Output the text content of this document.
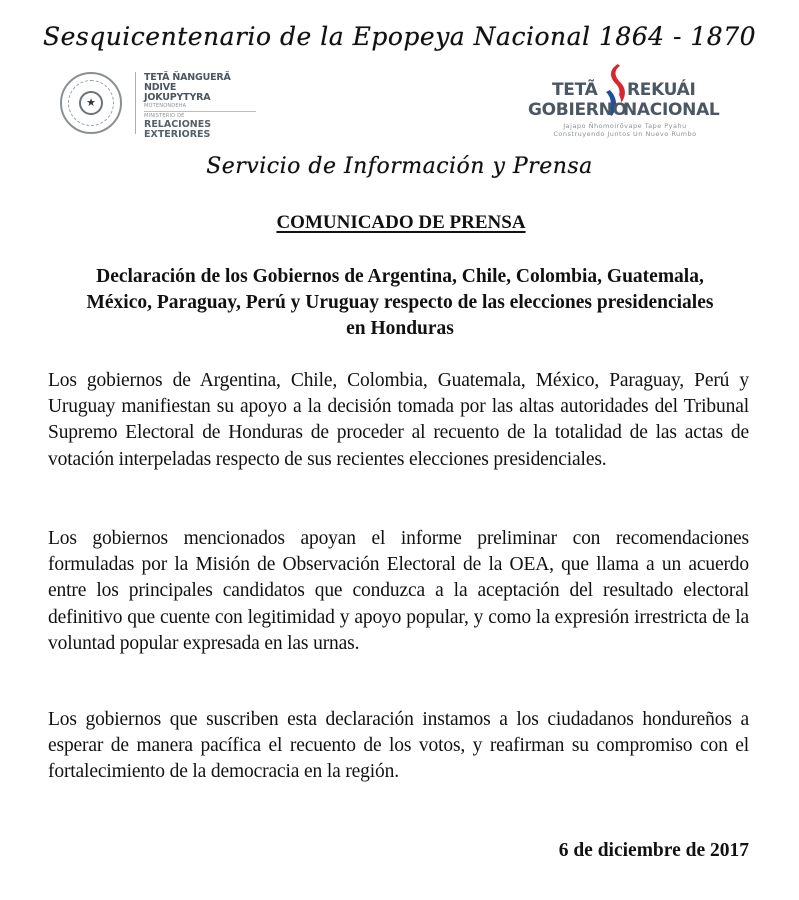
Sesquicentenario de la Epopeya Nacional 1864 - 1870
★
TETÃ ÑANGUERÃ NDIVE
JOKUPYTYRA
MOTENONDEHA
MINISTERIO DE
RELACIONES
EXTERIORES
TETÃ REKUÁI
GOBIERNO
NACIONAL
Jajapo Ñhomoirõvape Tape Pyahu
Construyendo Juntos Un Nuevo Rumbo
Servicio de Información y Prensa
COMUNICADO DE PRENSA
Declaración de los Gobiernos de Argentina, Chile, Colombia, Guatemala, México, Paraguay, Perú y Uruguay respecto de las elecciones presidenciales en Honduras
Los gobiernos de Argentina, Chile, Colombia, Guatemala, México, Paraguay, Perú y Uruguay manifiestan su apoyo a la decisión tomada por las altas autoridades del Tribunal Supremo Electoral de Honduras de proceder al recuento de la totalidad de las actas de votación interpeladas respecto de sus recientes elecciones presidenciales.
Los gobiernos mencionados apoyan el informe preliminar con recomendaciones formuladas por la Misión de Observación Electoral de la OEA, que llama a un acuerdo entre los principales candidatos que conduzca a la aceptación del resultado electoral definitivo que cuente con legitimidad y apoyo popular, y como la expresión irrestricta de la voluntad popular expresada en las urnas.
Los gobiernos que suscriben esta declaración instamos a los ciudadanos hondureños a esperar de manera pacífica el recuento de los votos, y reafirman su compromiso con el fortalecimiento de la democracia en la región.
6 de diciembre de 2017
